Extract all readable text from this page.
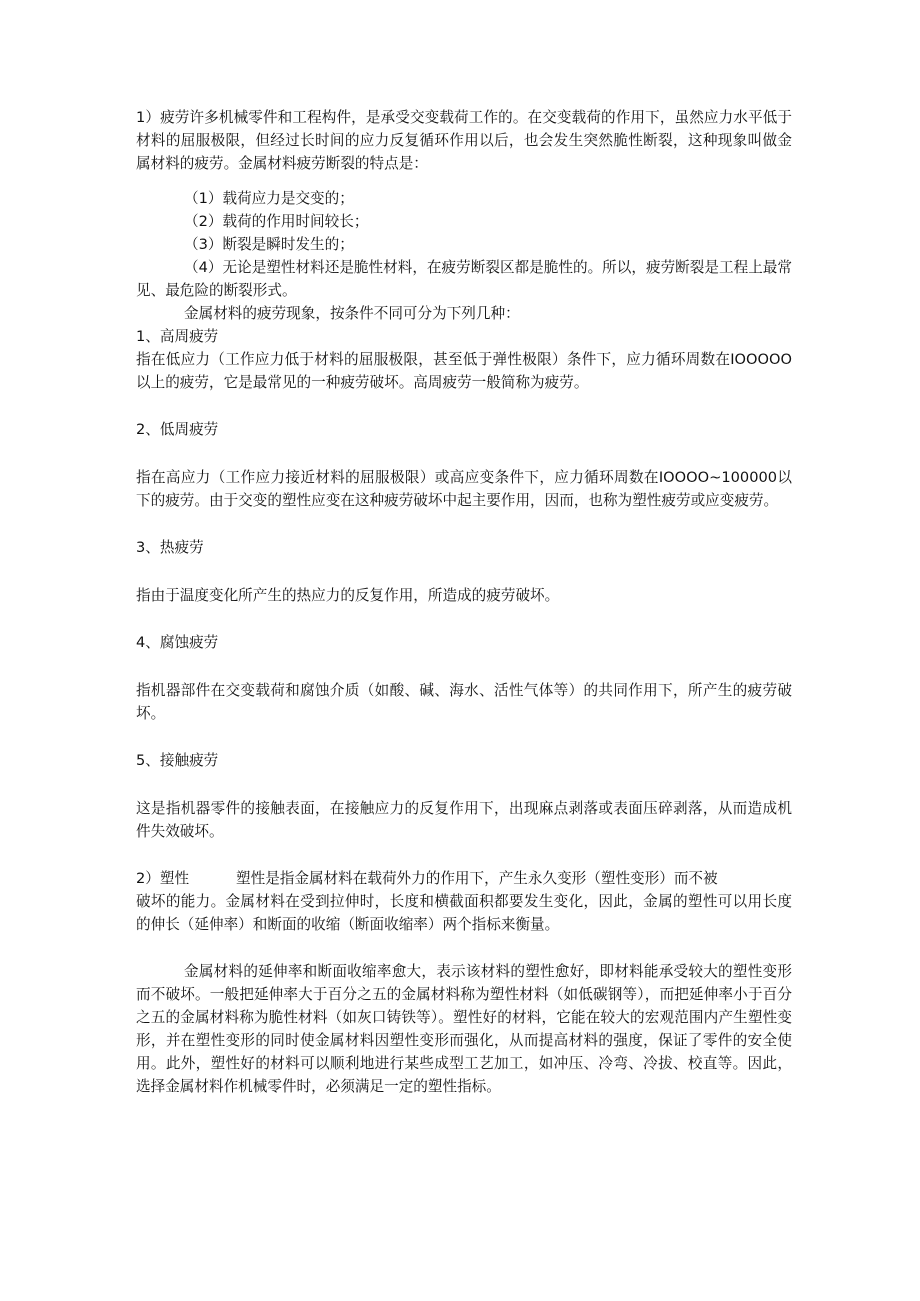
1）疲劳许多机械零件和工程构件，是承受交变载荷工作的。在交变载荷的作用下，虽然应力水平低于材料的屈服极限，但经过长时间的应力反复循环作用以后，也会发生突然脆性断裂，这种现象叫做金属材料的疲劳。金属材料疲劳断裂的特点是：

（1）载荷应力是交变的；

（2）载荷的作用时间较长；

（3）断裂是瞬时发生的；

（4）无论是塑性材料还是脆性材料，在疲劳断裂区都是脆性的。所以，疲劳断裂是工程上最常见、最危险的断裂形式。

金属材料的疲劳现象，按条件不同可分为下列几种：

1、高周疲劳

指在低应力（工作应力低于材料的屈服极限，甚至低于弹性极限）条件下，应力循环周数在IOOOOO以上的疲劳，它是最常见的一种疲劳破坏。高周疲劳一般简称为疲劳。

2、低周疲劳

指在高应力（工作应力接近材料的屈服极限）或高应变条件下，应力循环周数在IOOOO~100000以下的疲劳。由于交变的塑性应变在这种疲劳破坏中起主要作用，因而，也称为塑性疲劳或应变疲劳。

3、热疲劳

指由于温度变化所产生的热应力的反复作用，所造成的疲劳破坏。

4、腐蚀疲劳

指机器部件在交变载荷和腐蚀介质（如酸、碱、海水、活性气体等）的共同作用下，所产生的疲劳破坏。

5、接触疲劳

这是指机器零件的接触表面，在接触应力的反复作用下，出现麻点剥落或表面压碎剥落，从而造成机件失效破坏。

2）塑性	塑性是指金属材料在载荷外力的作用下，产生永久变形（塑性变形）而不被

破坏的能力。金属材料在受到拉伸时，长度和横截面积都要发生变化，因此，金属的塑性可以用长度的伸长（延伸率）和断面的收缩（断面收缩率）两个指标来衡量。

金属材料的延伸率和断面收缩率愈大，表示该材料的塑性愈好，即材料能承受较大的塑性变形而不破坏。一般把延伸率大于百分之五的金属材料称为塑性材料（如低碳钢等），而把延伸率小于百分之五的金属材料称为脆性材料（如灰口铸铁等）。塑性好的材料，它能在较大的宏观范围内产生塑性变形，并在塑性变形的同时使金属材料因塑性变形而强化，从而提高材料的强度，保证了零件的安全使用。此外，塑性好的材料可以顺利地进行某些成型工艺加工，如冲压、冷弯、冷拔、校直等。因此，选择金属材料作机械零件时，必须满足一定的塑性指标。
